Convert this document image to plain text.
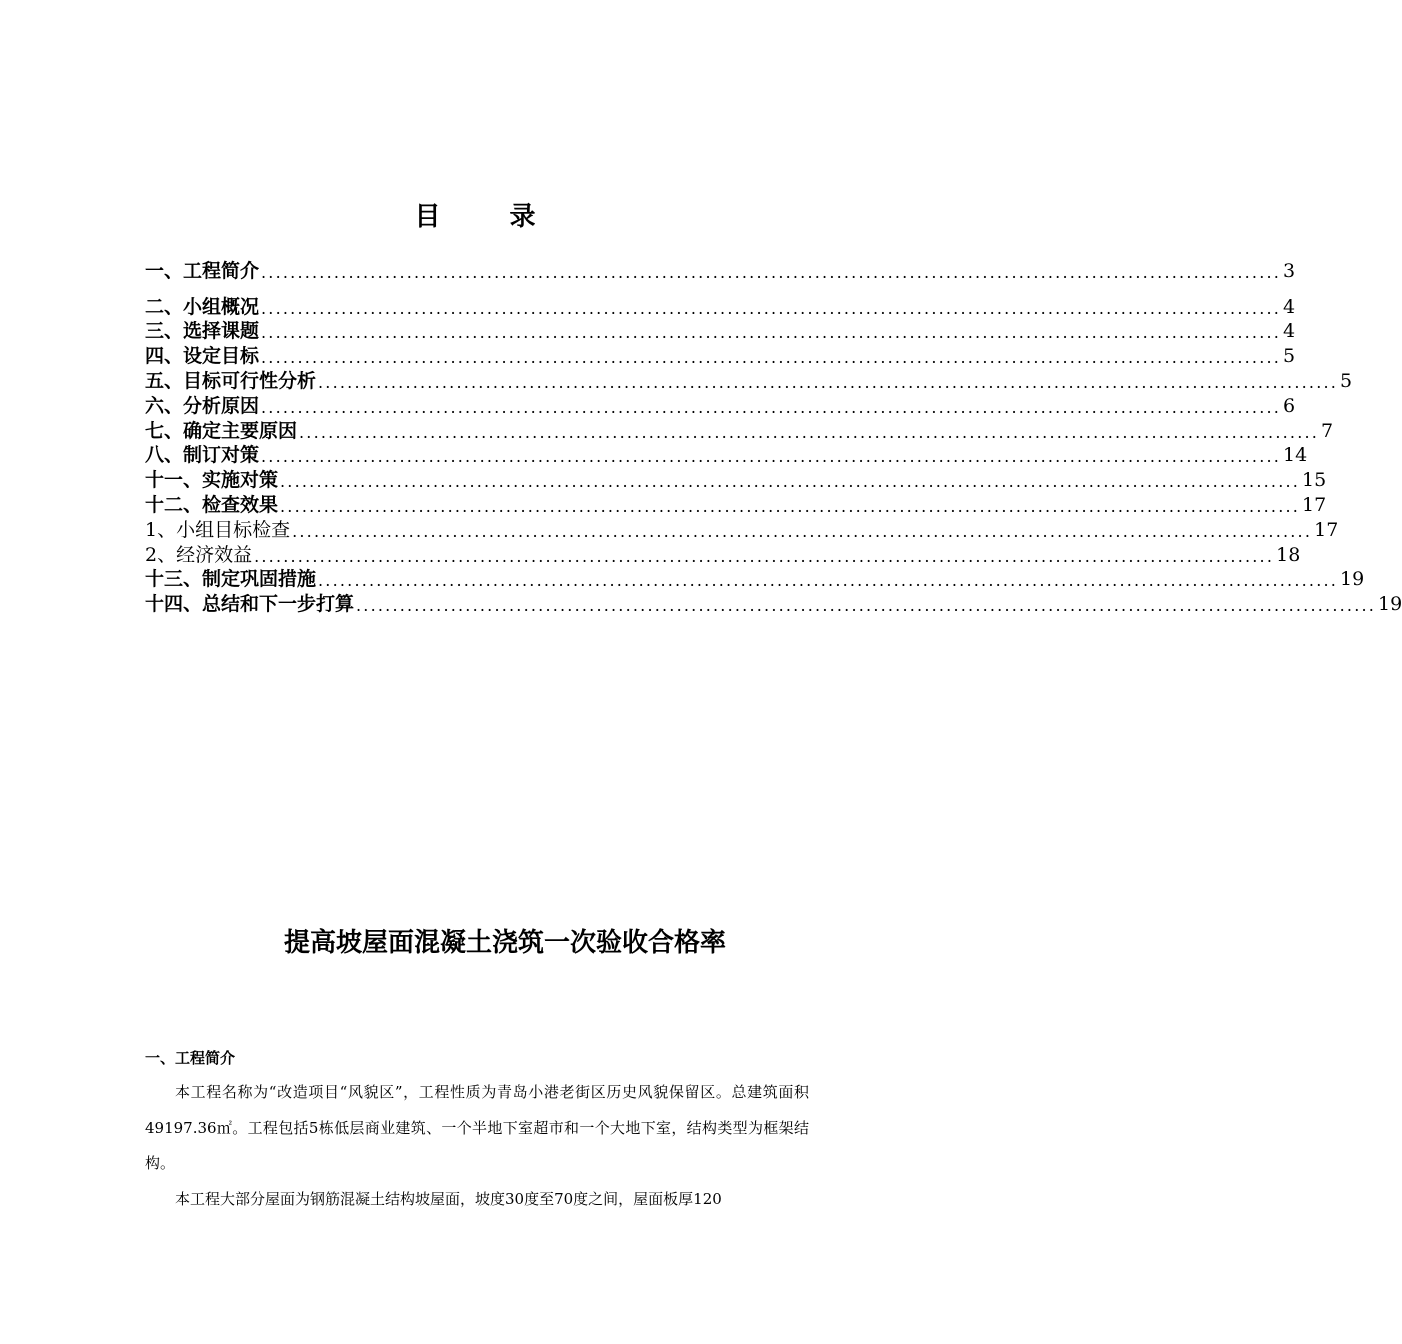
目 录
一、工程简介 ............................................................................................................................................ 3
二、小组概况 ............................................................................................................................................ 4
三、选择课题 ............................................................................................................................................ 4
四、设定目标 ............................................................................................................................................ 5
五、目标可行性分析 ............................................................................................................................................ 5
六、分析原因 ............................................................................................................................................ 6
七、确定主要原因 ............................................................................................................................................ 7
八、制订对策 ............................................................................................................................................ 14
十一、实施对策 ............................................................................................................................................ 15
十二、检查效果 ............................................................................................................................................ 17
1、小组目标检查 ............................................................................................................................................ 17
2、经济效益 ............................................................................................................................................ 18
十三、制定巩固措施 ............................................................................................................................................ 19
十四、总结和下一步打算 ............................................................................................................................................ 19
提高坡屋面混凝土浇筑一次验收合格率
一、工程简介

本工程名称为“改造项目“风貌区”，工程性质为青岛小港老街区历史风貌保留区。总建筑面积49197.36㎡。工程包括5栋低层商业建筑、一个半地下室超市和一个大地下室，结构类型为框架结构。

本工程大部分屋面为钢筋混凝土结构坡屋面，坡度30度至70度之间，屋面板厚120
